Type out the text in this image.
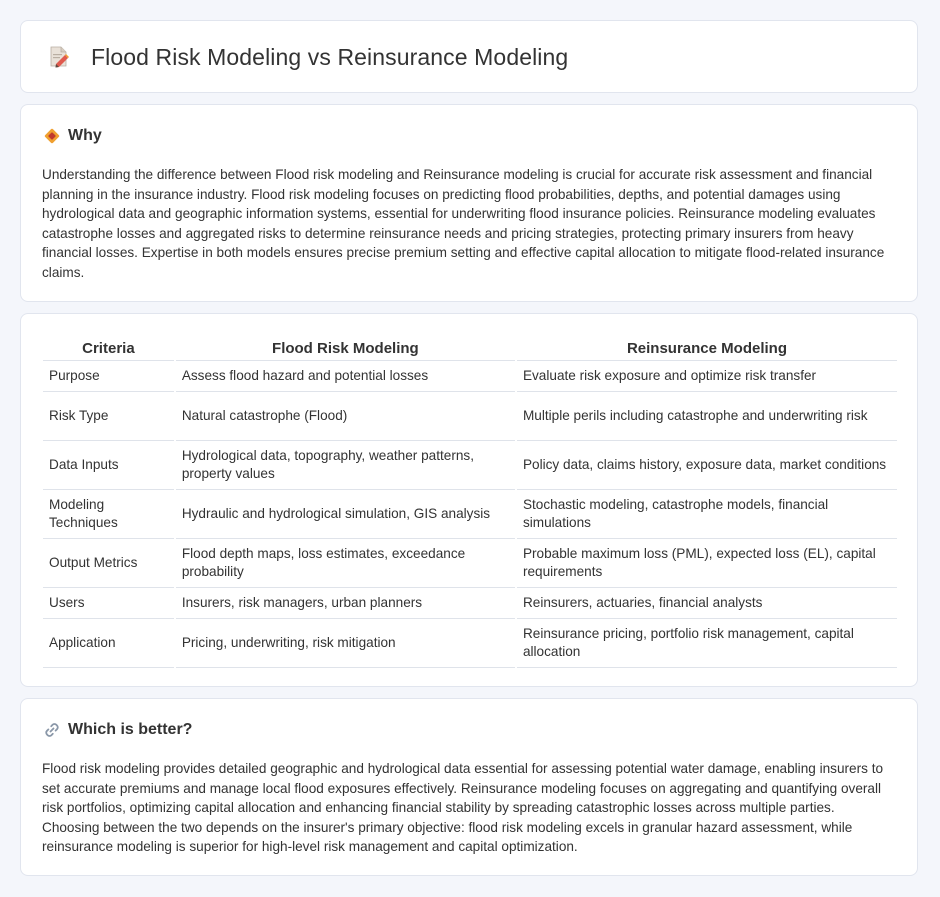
Flood Risk Modeling vs Reinsurance Modeling
Why

Understanding the difference between Flood risk modeling and Reinsurance modeling is crucial for accurate risk assessment and financial planning in the insurance industry. Flood risk modeling focuses on predicting flood probabilities, depths, and potential damages using hydrological data and geographic information systems, essential for underwriting flood insurance policies. Reinsurance modeling evaluates catastrophe losses and aggregated risks to determine reinsurance needs and pricing strategies, protecting primary insurers from heavy financial losses. Expertise in both models ensures precise premium setting and effective capital allocation to mitigate flood-related insurance claims.

Criteria	Flood Risk Modeling	Reinsurance Modeling
Purpose	Assess flood hazard and potential losses	Evaluate risk exposure and optimize risk transfer
Risk Type	Natural catastrophe (Flood)	Multiple perils including catastrophe and underwriting risk
Data Inputs	Hydrological data, topography, weather patterns, property values	Policy data, claims history, exposure data, market conditions
Modeling Techniques	Hydraulic and hydrological simulation, GIS analysis	Stochastic modeling, catastrophe models, financial simulations
Output Metrics	Flood depth maps, loss estimates, exceedance probability	Probable maximum loss (PML), expected loss (EL), capital requirements
Users	Insurers, risk managers, urban planners	Reinsurers, actuaries, financial analysts
Application	Pricing, underwriting, risk mitigation	Reinsurance pricing, portfolio risk management, capital allocation
Which is better?

Flood risk modeling provides detailed geographic and hydrological data essential for assessing potential water damage, enabling insurers to set accurate premiums and manage local flood exposures effectively. Reinsurance modeling focuses on aggregating and quantifying overall risk portfolios, optimizing capital allocation and enhancing financial stability by spreading catastrophic losses across multiple parties. Choosing between the two depends on the insurer's primary objective: flood risk modeling excels in granular hazard assessment, while reinsurance modeling is superior for high-level risk management and capital optimization.
